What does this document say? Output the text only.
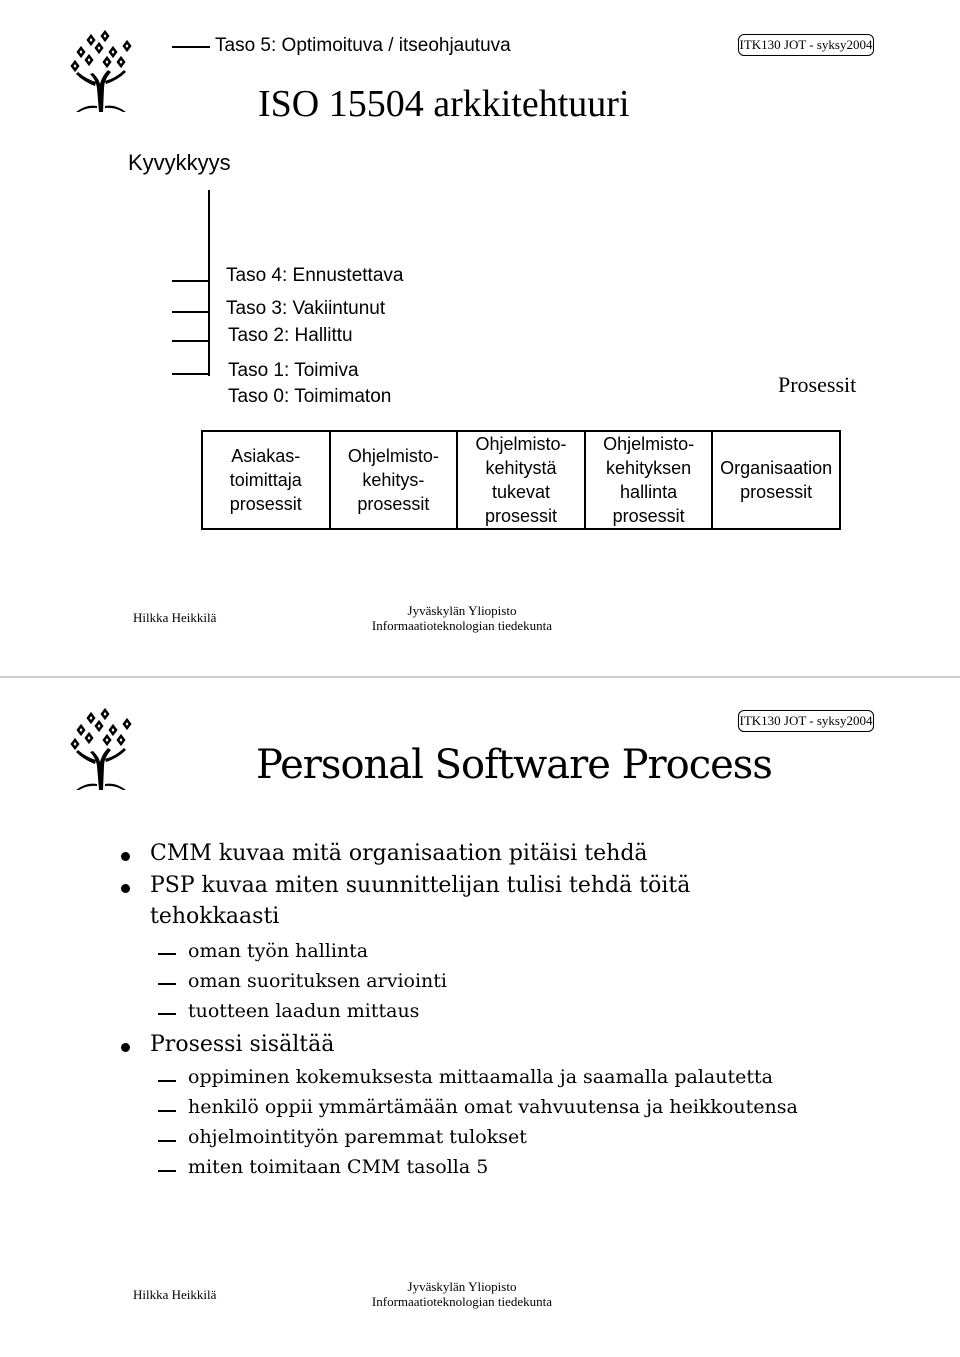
ITK130 JOT - syksy2004
ISO 15504 arkkitehtuuri
Kyvykkyys
Taso 5: Optimoituva / itseohjautuva
Taso 4: Ennustettava
Taso 3: Vakiintunut
Taso 2: Hallittu
Taso 1: Toimiva
Taso 0: Toimimaton	Prosessit
Asiakas-
toimittaja
prosessit
Ohjelmisto-
kehitys-
prosessit
Ohjelmisto-
kehitystä
tukevat
prosessit
Ohjelmisto-
kehityksen
hallinta
prosessit
Organisaation
prosessit
Hilkka Heikkilä	Jyväskylän Yliopisto
Informaatioteknologian tiedekunta
ITK130 JOT - syksy2004
Personal Software Process
CMM kuvaa mitä organisaation pitäisi tehdä
PSP kuvaa miten suunnittelijan tulisi tehdä töitä
tehokkaasti
oman työn hallinta
oman suorituksen arviointi
tuotteen laadun mittaus
Prosessi sisältää
oppiminen kokemuksesta mittaamalla ja saamalla palautetta
henkilö oppii ymmärtämään omat vahvuutensa ja heikkoutensa
ohjelmointityön paremmat tulokset
miten toimitaan CMM tasolla 5
Hilkka Heikkilä
Jyväskylän Yliopisto
Informaatioteknologian tiedekunta
